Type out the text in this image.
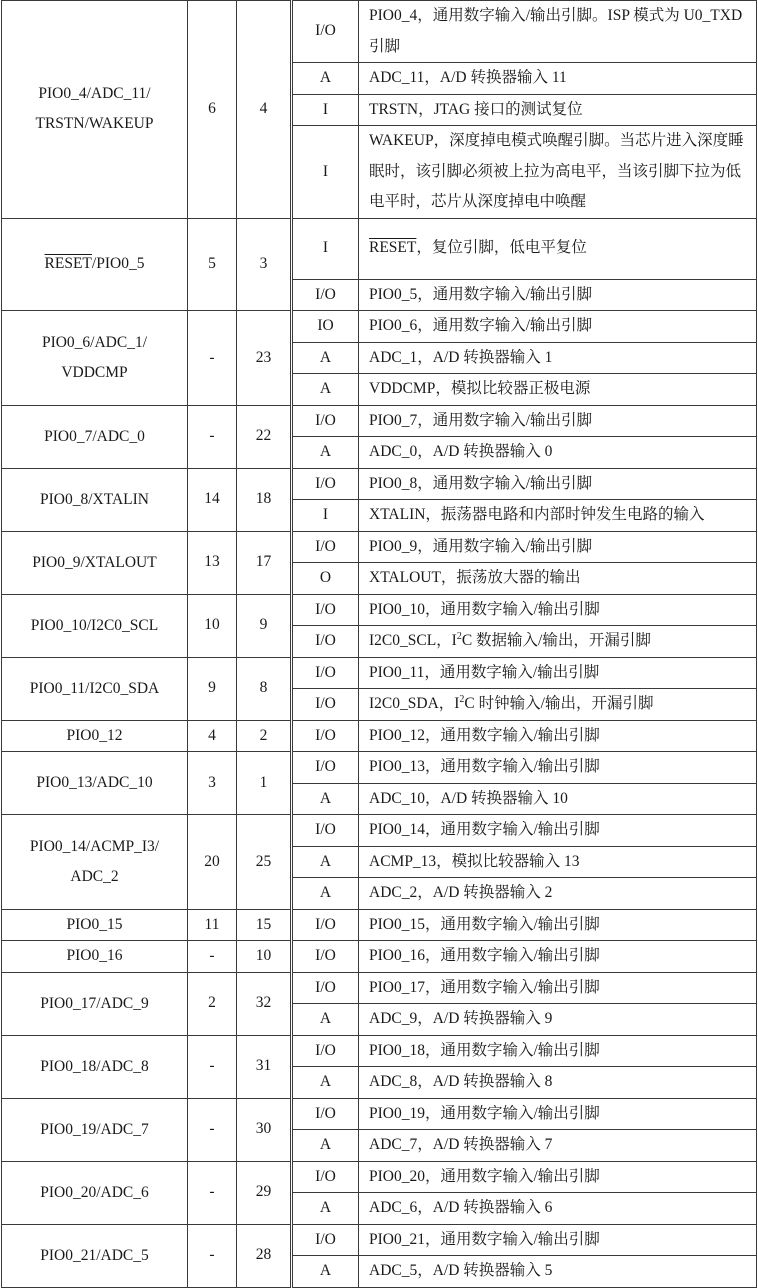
PIO0_4/ADC_11/
TRSTN/WAKEUP	6	4	I/O	PIO0_4，通用数字输入/输出引脚。ISP 模式为 U0_TXD 引脚
			A	ADC_11，A/D 转换器输入 11
			I	TRSTN，JTAG 接口的测试复位
			I	WAKEUP，深度掉电模式唤醒引脚。当芯片进入深度睡眠时，该引脚必须被上拉为高电平，当该引脚下拉为低电平时，芯片从深度掉电中唤醒
RESET/PIO0_5	5	3	I	RESET，复位引脚，低电平复位
			I/O	PIO0_5，通用数字输入/输出引脚
PIO0_6/ADC_1/
VDDCMP	-	23	IO	PIO0_6，通用数字输入/输出引脚
			A	ADC_1，A/D 转换器输入 1
			A	VDDCMP，模拟比较器正极电源
PIO0_7/ADC_0	-	22	I/O	PIO0_7，通用数字输入/输出引脚
			A	ADC_0，A/D 转换器输入 0
PIO0_8/XTALIN	14	18	I/O	PIO0_8，通用数字输入/输出引脚
			I	XTALIN，振荡器电路和内部时钟发生电路的输入
PIO0_9/XTALOUT	13	17	I/O	PIO0_9，通用数字输入/输出引脚
			O	XTALOUT，振荡放大器的输出
PIO0_10/I2C0_SCL	10	9	I/O	PIO0_10，通用数字输入/输出引脚
			I/O	I2C0_SCL，$I^2C$ 数据输入/输出，开漏引脚
PIO0_11/I2C0_SDA	9	8	I/O	PIO0_11，通用数字输入/输出引脚
			I/O	I2C0_SDA，$I^2C$ 时钟输入/输出，开漏引脚
PIO0_12	4	2	I/O	PIO0_12，通用数字输入/输出引脚
PIO0_13/ADC_10	3	1	I/O	PIO0_13，通用数字输入/输出引脚
			A	ADC_10，A/D 转换器输入 10
PIO0_14/ACMP_I3/
ADC_2	20	25	I/O	PIO0_14，通用数字输入/输出引脚
			A	ACMP_13，模拟比较器输入 13
			A	ADC_2，A/D 转换器输入 2
PIO0_15	11	15	I/O	PIO0_15，通用数字输入/输出引脚
PIO0_16	-	10	I/O	PIO0_16，通用数字输入/输出引脚
PIO0_17/ADC_9	2	32	I/O	PIO0_17，通用数字输入/输出引脚
			A	ADC_9，A/D 转换器输入 9
PIO0_18/ADC_8	-	31	I/O	PIO0_18，通用数字输入/输出引脚
			A	ADC_8，A/D 转换器输入 8
PIO0_19/ADC_7	-	30	I/O	PIO0_19，通用数字输入/输出引脚
			A	ADC_7，A/D 转换器输入 7
PIO0_20/ADC_6	-	29	I/O	PIO0_20，通用数字输入/输出引脚
			A	ADC_6，A/D 转换器输入 6
PIO0_21/ADC_5	-	28	I/O	PIO0_21，通用数字输入/输出引脚
			A	ADC_5，A/D 转换器输入 5
